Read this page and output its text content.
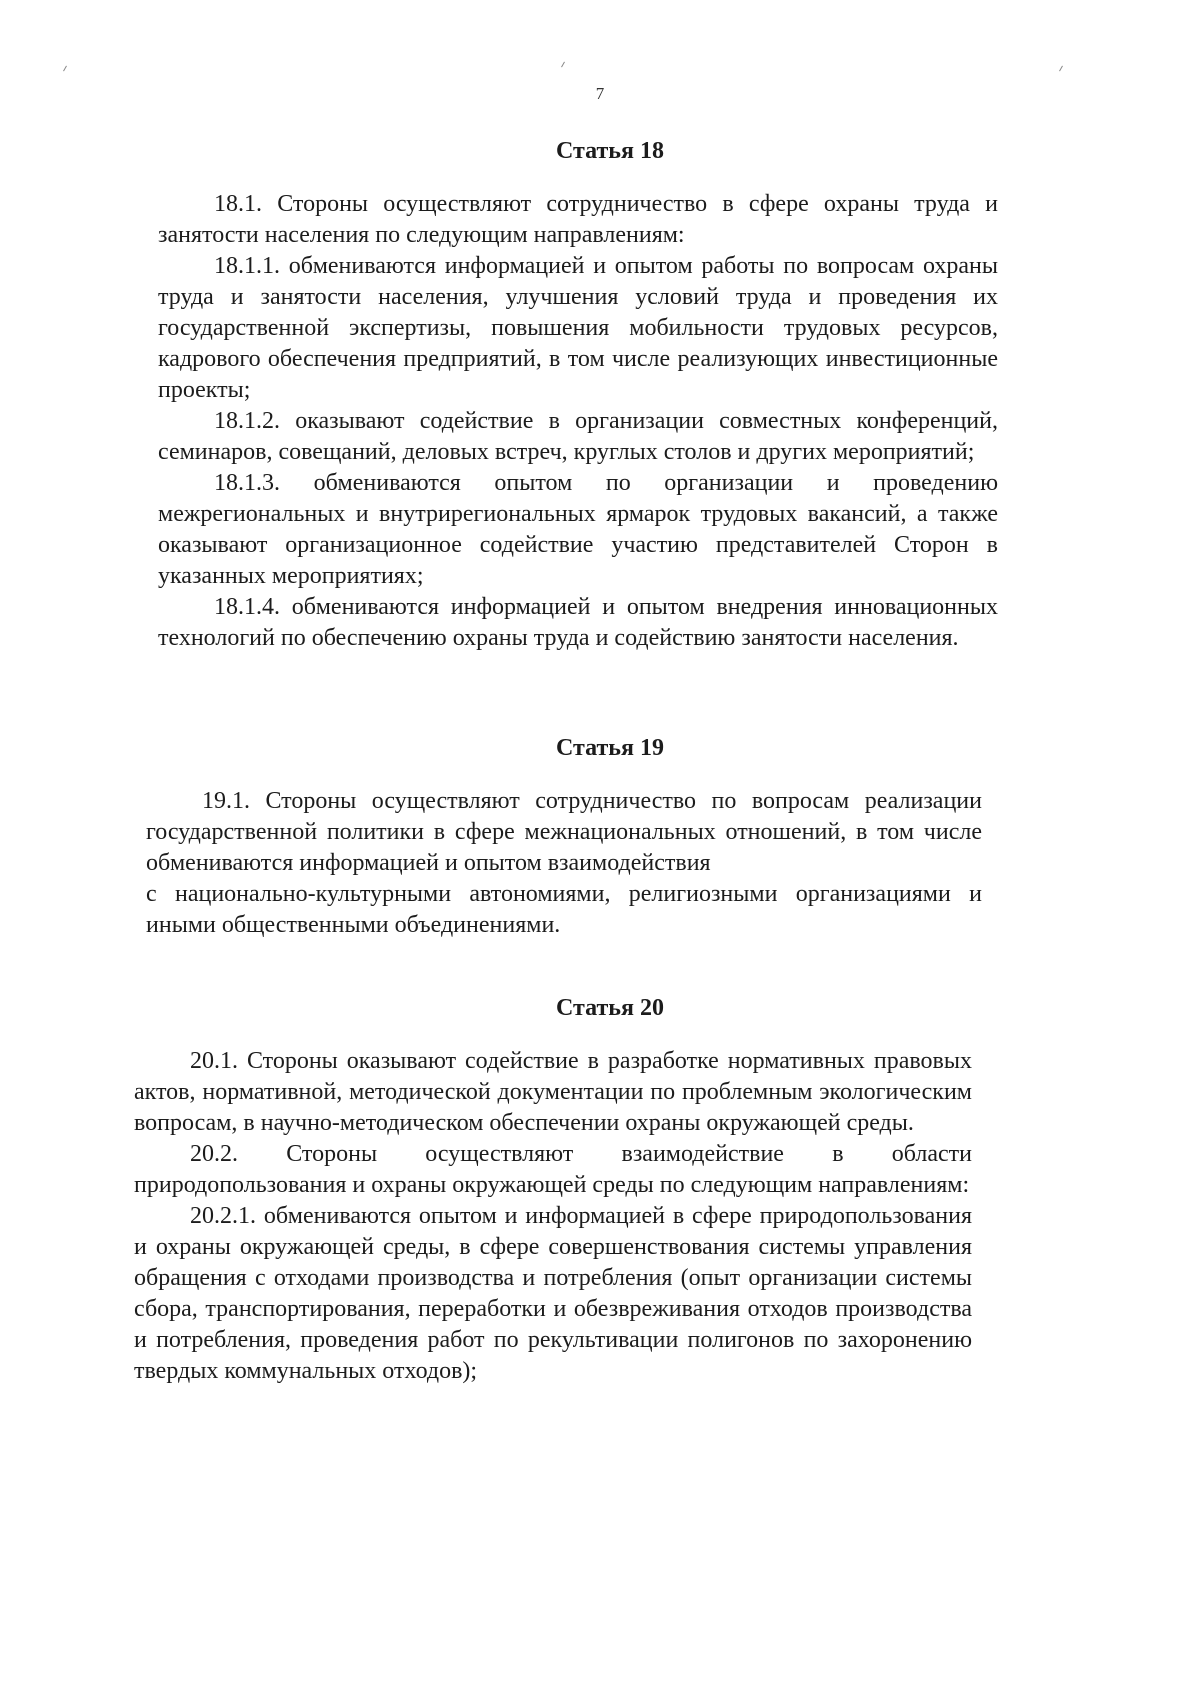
7
Статья 18

18.1. Стороны осуществляют сотрудничество в сфере охраны труда и занятости населения по следующим направлениям:

18.1.1. обмениваются информацией и опытом работы по вопросам охраны труда и занятости населения, улучшения условий труда и проведения их государственной экспертизы, повышения мобильности трудовых ресурсов, кадрового обеспечения предприятий, в том числе реализующих инвестиционные проекты;

18.1.2. оказывают содействие в организации совместных конференций, семинаров, совещаний, деловых встреч, круглых столов и других мероприятий;

18.1.3. обмениваются опытом по организации и проведению межрегиональных и внутрирегиональных ярмарок трудовых вакансий, а также оказывают организационное содействие участию представителей Сторон в указанных мероприятиях;

18.1.4. обмениваются информацией и опытом внедрения инновационных технологий по обеспечению охраны труда и содействию занятости населения.

Статья 19

19.1. Стороны осуществляют сотрудничество по вопросам реализации государственной политики в сфере межнациональных отношений, в том числе обмениваются информацией и опытом взаимодействия

с национально-культурными автономиями, религиозными организациями и иными общественными объединениями.

Статья 20

20.1. Стороны оказывают содействие в разработке нормативных правовых актов, нормативной, методической документации по проблемным экологическим вопросам, в научно-методическом обеспечении охраны окружающей среды.

20.2. Стороны осуществляют взаимодействие в области природопользования и охраны окружающей среды по следующим направлениям:

20.2.1. обмениваются опытом и информацией в сфере природопользования и охраны окружающей среды, в сфере совершенствования системы управления обращения с отходами производства и потребления (опыт организации системы сбора, транспортирования, переработки и обезвреживания отходов производства и потребления, проведения работ по рекультивации полигонов по захоронению твердых коммунальных отходов);
